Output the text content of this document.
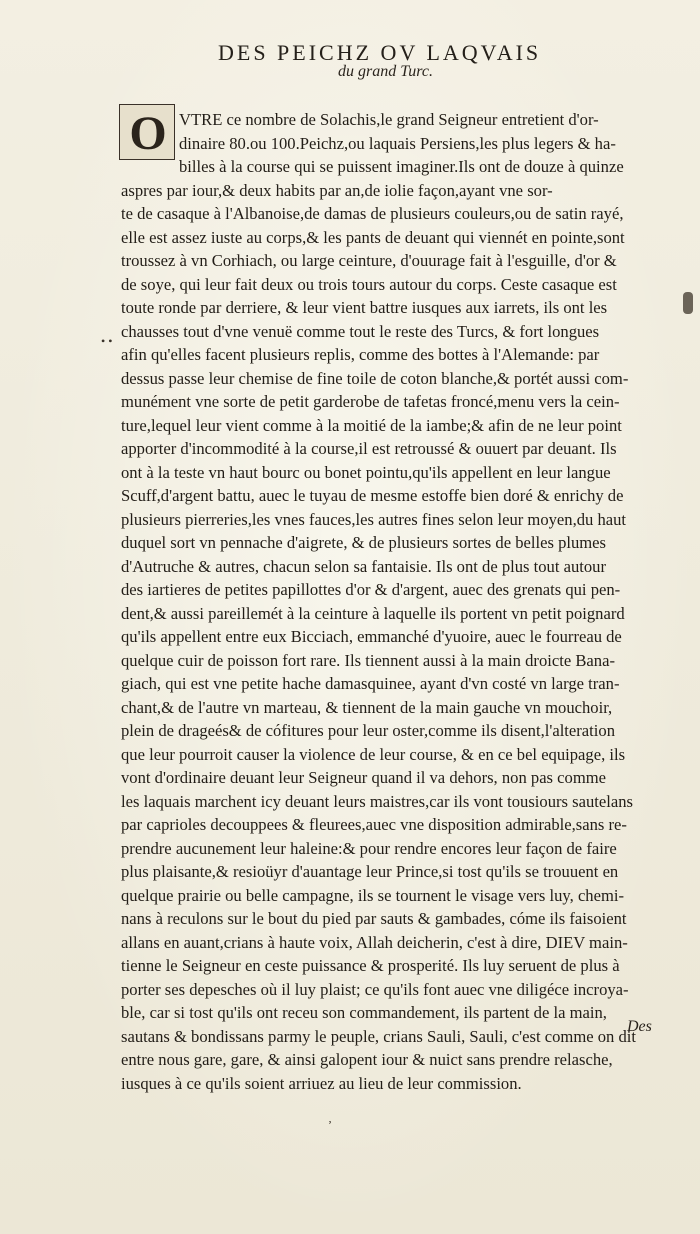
DES PEICHZ OV LAQVAIS
du grand Turc.
O VTRE ce nombre de Solachis,le grand Seigneur entretient d'or-
dinaire 80.ou 100.Peichz,ou laquais Persiens,les plus legers & ha-
billes à la course qui se puissent imaginer.Ils ont de douze à quinze
aspres par iour,& deux habits par an,de iolie façon,ayant vne sor-
te de casaque à l'Albanoise,de damas de plusieurs couleurs,ou de satin rayé,
elle est assez iuste au corps,& les pants de deuant qui viennét en pointe,sont
troussez à vn Corhiach, ou large ceinture, d'ouurage fait à l'esguille, d'or &
de soye, qui leur fait deux ou trois tours autour du corps. Ceste casaque est
toute ronde par derriere, & leur vient battre iusques aux iarrets, ils ont les
chausses tout d'vne venuë comme tout le reste des Turcs, & fort longues
afin qu'elles facent plusieurs replis, comme des bottes à l'Alemande: par
dessus passe leur chemise de fine toile de coton blanche,& portét aussi com-
munément vne sorte de petit garderobe de tafetas froncé,menu vers la cein-
ture,lequel leur vient comme à la moitié de la iambe;& afin de ne leur point
apporter d'incommodité à la course,il est retroussé & ouuert par deuant. Ils
ont à la teste vn haut bourc ou bonet pointu,qu'ils appellent en leur langue
Scuff,d'argent battu, auec le tuyau de mesme estoffe bien doré & enrichy de
plusieurs pierreries,les vnes fauces,les autres fines selon leur moyen,du haut
duquel sort vn pennache d'aigrete, & de plusieurs sortes de belles plumes
d'Autruche & autres, chacun selon sa fantaisie. Ils ont de plus tout autour
des iartieres de petites papillottes d'or & d'argent, auec des grenats qui pen-
dent,& aussi pareillemét à la ceinture à laquelle ils portent vn petit poignard
qu'ils appellent entre eux Bicciach, emmanché d'yuoire, auec le fourreau de
quelque cuir de poisson fort rare. Ils tiennent aussi à la main droicte Bana-
giach, qui est vne petite hache damasquinee, ayant d'vn costé vn large tran-
chant,& de l'autre vn marteau, & tiennent de la main gauche vn mouchoir,
plein de drageés& de cófitures pour leur oster,comme ils disent,l'alteration
que leur pourroit causer la violence de leur course, & en ce bel equipage, ils
vont d'ordinaire deuant leur Seigneur quand il va dehors, non pas comme
les laquais marchent icy deuant leurs maistres,car ils vont tousiours sautelans
par caprioles decouppees & fleurees,auec vne disposition admirable,sans re-
prendre aucunement leur haleine:& pour rendre encores leur façon de faire
plus plaisante,& resioüyr d'auantage leur Prince,si tost qu'ils se trouuent en
quelque prairie ou belle campagne, ils se tournent le visage vers luy, chemi-
nans à reculons sur le bout du pied par sauts & gambades, cóme ils faisoient
allans en auant,crians à haute voix, Allah deicherin, c'est à dire, DIEV main-
tienne le Seigneur en ceste puissance & prosperité. Ils luy seruent de plus à
porter ses depesches où il luy plaist; ce qu'ils font auec vne diligéce incroya-
ble, car si tost qu'ils ont receu son commandement, ils partent de la main,
sautans & bondissans parmy le peuple, crians Sauli, Sauli, c'est comme on dit
entre nous gare, gare, & ainsi galopent iour & nuict sans prendre relasche,
iusques à ce qu'ils soient arriuez au lieu de leur commission.
Des
• •
ʼ
